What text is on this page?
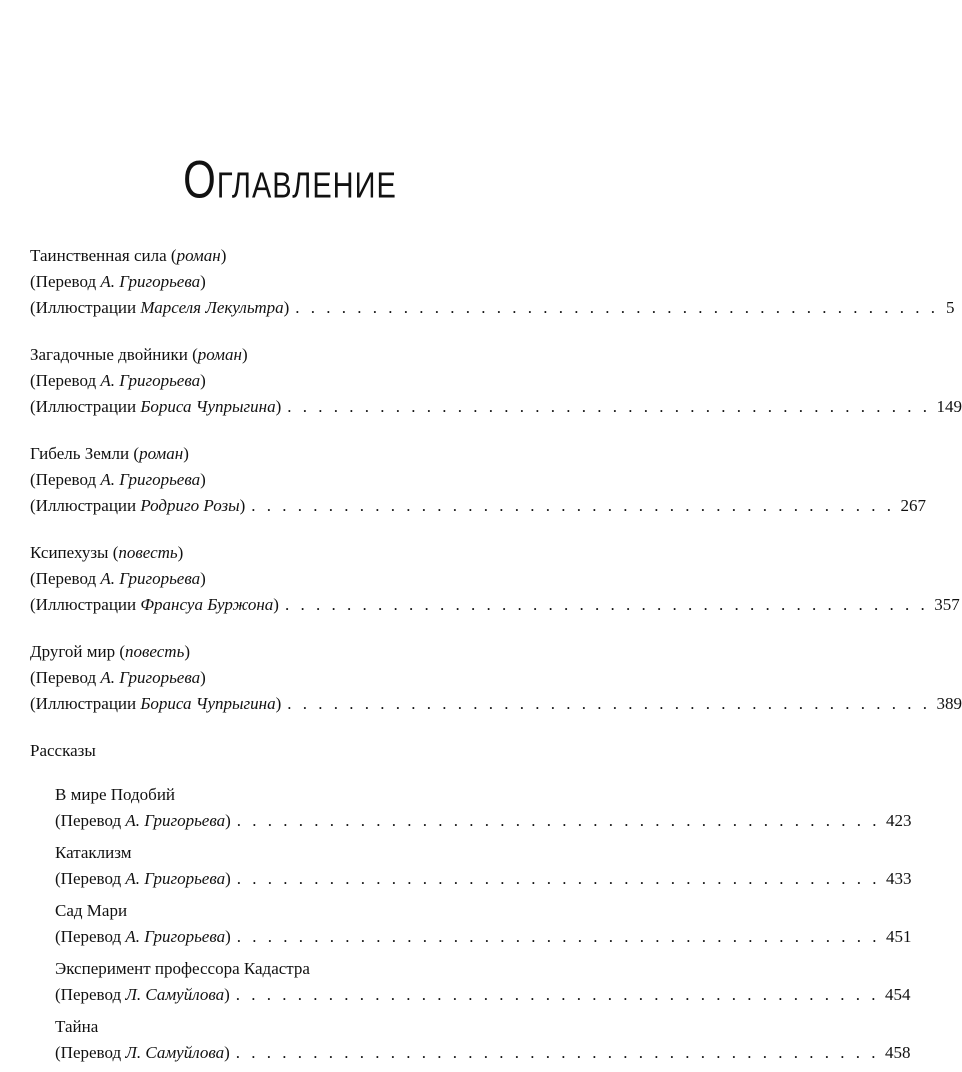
Оглавление
Таинственная сила (роман)
(Перевод А. Григорьева)
(Иллюстрации Марселя Лекультра) . . . . . . . . . . . . . . . . . . . . . . . . . . . . . . . . . . . . . . . . . . 5
Загадочные двойники (роман)
(Перевод А. Григорьева)
(Иллюстрации Бориса Чупрыгина) . . . . . . . . . . . . . . . . . . . . . . . . . . . . . . . . . . . . . . . . . . 149
Гибель Земли (роман)
(Перевод А. Григорьева)
(Иллюстрации Родриго Розы) . . . . . . . . . . . . . . . . . . . . . . . . . . . . . . . . . . . . . . . . . . 267
Ксипехузы (повесть)
(Перевод А. Григорьева)
(Иллюстрации Франсуа Буржона) . . . . . . . . . . . . . . . . . . . . . . . . . . . . . . . . . . . . . . . . . . 357
Другой мир (повесть)
(Перевод А. Григорьева)
(Иллюстрации Бориса Чупрыгина) . . . . . . . . . . . . . . . . . . . . . . . . . . . . . . . . . . . . . . . . . . 389
Рассказы
В мире Подобий
(Перевод А. Григорьева) . . . . . . . . . . . . . . . . . . . . . . . . . . . . . . . . . . . . . . . . . . 423
Катаклизм
(Перевод А. Григорьева) . . . . . . . . . . . . . . . . . . . . . . . . . . . . . . . . . . . . . . . . . . 433
Сад Мари
(Перевод А. Григорьева) . . . . . . . . . . . . . . . . . . . . . . . . . . . . . . . . . . . . . . . . . . 451
Эксперимент профессора Кадастра
(Перевод Л. Самуйлова) . . . . . . . . . . . . . . . . . . . . . . . . . . . . . . . . . . . . . . . . . . 454
Тайна
(Перевод Л. Самуйлова) . . . . . . . . . . . . . . . . . . . . . . . . . . . . . . . . . . . . . . . . . . 458
